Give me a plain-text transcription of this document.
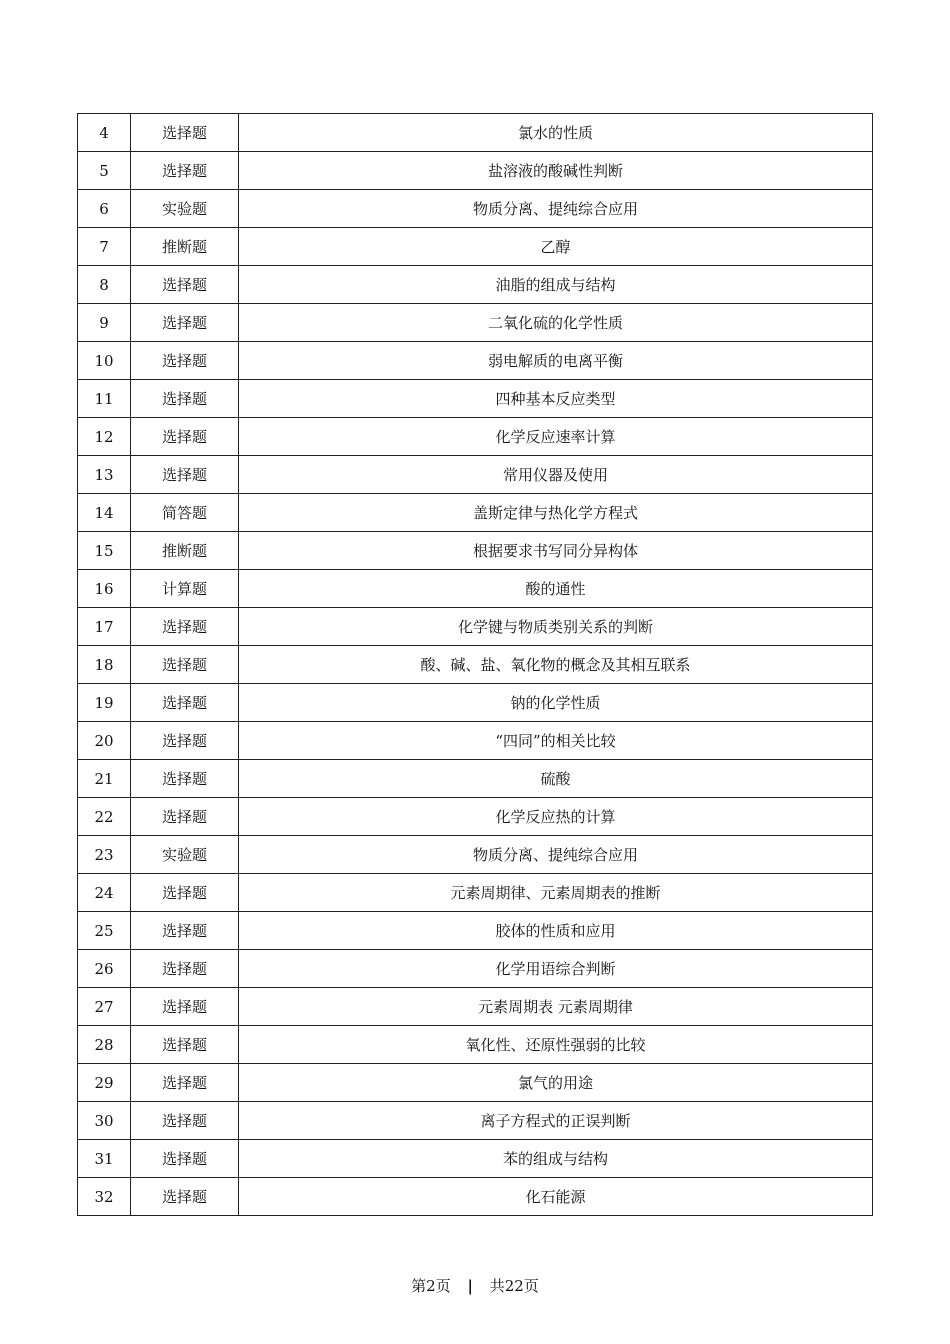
4	选择题	氯水的性质
5	选择题	盐溶液的酸碱性判断
6	实验题	物质分离、提纯综合应用
7	推断题	乙醇
8	选择题	油脂的组成与结构
9	选择题	二氧化硫的化学性质
10	选择题	弱电解质的电离平衡
11	选择题	四种基本反应类型
12	选择题	化学反应速率计算
13	选择题	常用仪器及使用
14	简答题	盖斯定律与热化学方程式
15	推断题	根据要求书写同分异构体
16	计算题	酸的通性
17	选择题	化学键与物质类别关系的判断
18	选择题	酸、碱、盐、氧化物的概念及其相互联系
19	选择题	钠的化学性质
20	选择题	“四同”的相关比较
21	选择题	硫酸
22	选择题	化学反应热的计算
23	实验题	物质分离、提纯综合应用
24	选择题	元素周期律、元素周期表的推断
25	选择题	胶体的性质和应用
26	选择题	化学用语综合判断
27	选择题	元素周期表 元素周期律
28	选择题	氧化性、还原性强弱的比较
29	选择题	氯气的用途
30	选择题	离子方程式的正误判断
31	选择题	苯的组成与结构
32	选择题	化石能源
第2页 | 共22页
